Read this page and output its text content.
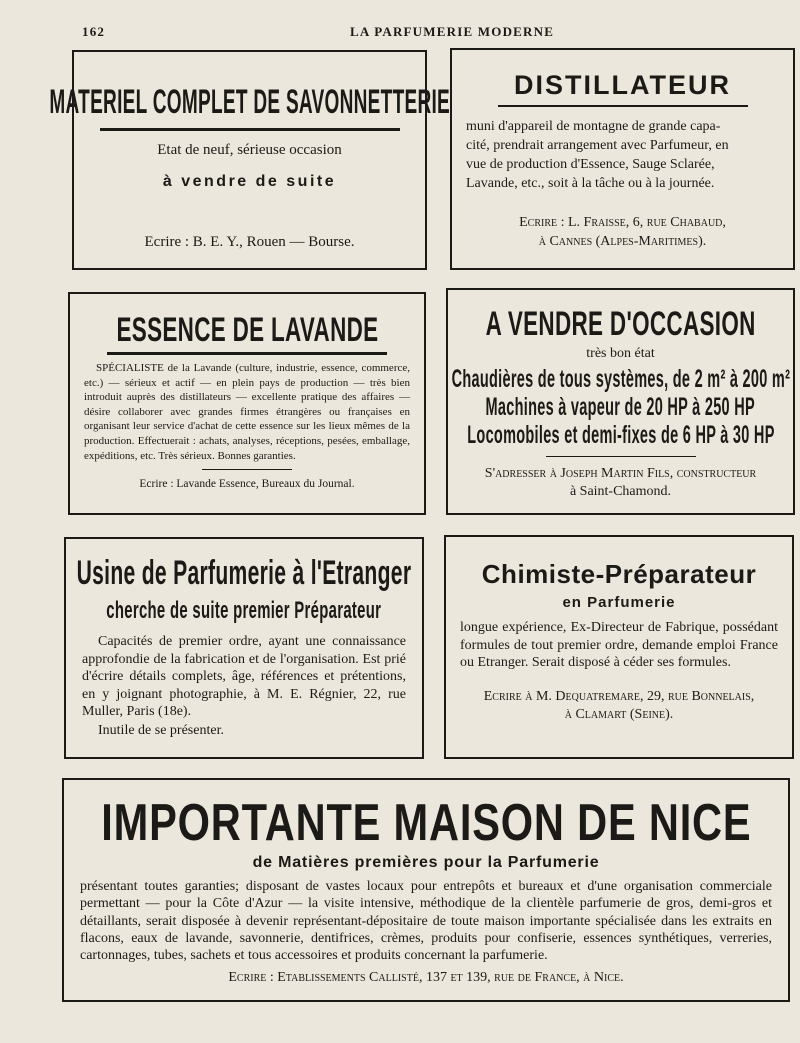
162	LA PARFUMERIE MODERNE
MATERIEL COMPLET DE SAVONNETTERIE
Etat de neuf, sérieuse occasion
à vendre de suite
Ecrire : B. E. Y., Rouen — Bourse.
DISTILLATEUR
muni d'appareil de montagne de grande capa-
cité, prendrait arrangement avec Parfumeur, en
vue de production d'Essence, Sauge Sclarée,
Lavande, etc., soit à la tâche ou à la journée.
Ecrire : L. Fraisse, 6, rue Chabaud,
à Cannes (Alpes-Maritimes).
ESSENCE DE LAVANDE
SPÉCIALISTE de la Lavande (culture, industrie, essence, commerce, etc.) — sérieux et actif — en plein pays de production — très bien introduit auprès des distillateurs — excellente pratique des affaires — désire collaborer avec grandes firmes étrangères ou françaises en organisant leur service d'achat de cette essence sur les lieux mêmes de la production. Effectuerait : achats, analyses, réceptions, pesées, emballage, expéditions, etc. Très sérieux. Bonnes garanties.
Ecrire : Lavande Essence, Bureaux du Journal.
A VENDRE D'OCCASION
très bon état
Chaudières de tous systèmes, de 2 m² à 200 m²
Machines à vapeur de 20 HP à 250 HP
Locomobiles et demi-fixes de 6 HP à 30 HP
S'adresser à Joseph Martin Fils, constructeur
à Saint-Chamond.
Usine de Parfumerie à l'Etranger
cherche de suite premier Préparateur
Capacités de premier ordre, ayant une connaissance approfondie de la fabrication et de l'organisation. Est prié d'écrire détails complets, âge, références et prétentions, en y joignant photographie, à M. E. Régnier, 22, rue Muller, Paris (18e).
Inutile de se présenter.
Chimiste-Préparateur
en Parfumerie
longue expérience, Ex-Directeur de Fabrique, possédant formules de tout premier ordre, demande emploi France ou Etranger. Serait disposé à céder ses formules.
Ecrire à M. Dequatremare, 29, rue Bonnelais,
à Clamart (Seine).
IMPORTANTE MAISON DE NICE
de Matières premières pour la Parfumerie
présentant toutes garanties; disposant de vastes locaux pour entrepôts et bureaux et d'une organisation commerciale permettant — pour la Côte d'Azur — la visite intensive, méthodique de la clientèle parfumerie de gros, demi-gros et détaillants, serait disposée à devenir représentant-dépositaire de toute maison importante spécialisée dans les extraits en flacons, eaux de lavande, savonnerie, dentifrices, crèmes, produits pour confiserie, essences synthétiques, verreries, cartonnages, tubes, sachets et tous accessoires et produits concernant la parfumerie.
Ecrire : Etablissements Callisté, 137 et 139, rue de France, à Nice.
